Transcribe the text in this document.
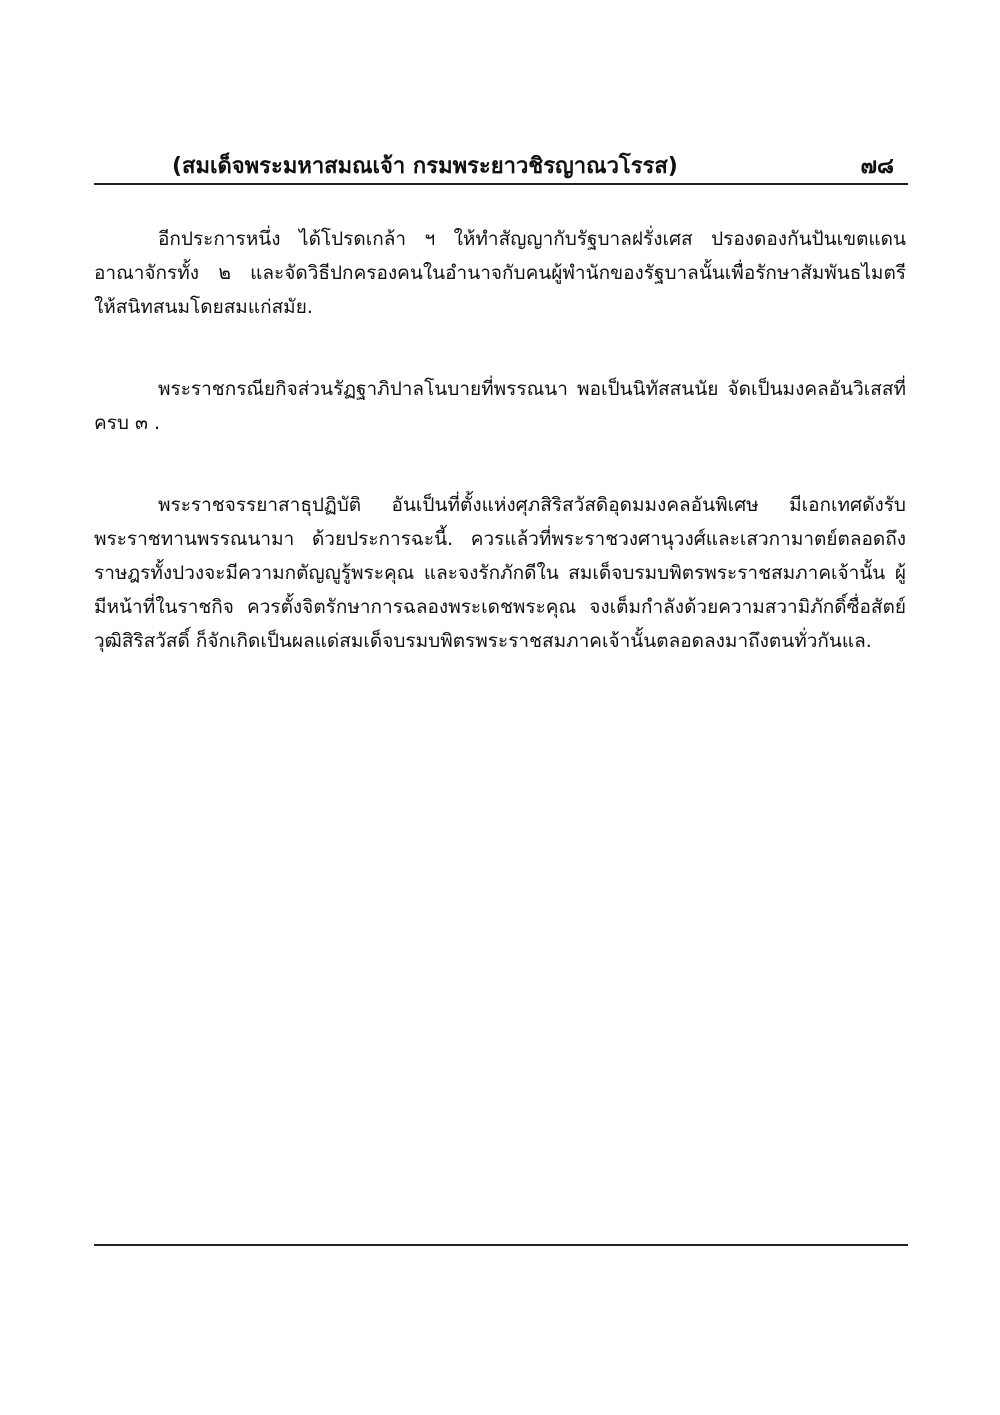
(สมเด็จพระมหาสมณเจ้า กรมพระยาวชิรญาณวโรรส)	๗๘

อีกประการหนึ่ง ได้โปรดเกล้า ฯ ให้ทำสัญญากับรัฐบาลฝรั่งเศส ปรองดองกันปันเขตแดนอาณาจักรทั้ง ๒ และจัดวิธีปกครองคนในอำนาจกับคนผู้พำนักของรัฐบาลนั้นเพื่อรักษาสัมพันธไมตรี ให้สนิทสนมโดยสมแก่สมัย.

พระราชกรณียกิจส่วนรัฏฐาภิปาลโนบายที่พรรณนา พอเป็นนิทัสสนนัย จัดเป็นมงคลอันวิเสสที่ครบ ๓ .

พระราชจรรยาสาธุปฏิบัติ อันเป็นที่ตั้งแห่งศุภสิริสวัสดิอุดมมงคลอันพิเศษ มีเอกเทศดังรับพระราชทานพรรณนามา ด้วยประการฉะนี้. ควรแล้วที่พระราชวงศานุวงศ์และเสวกามาตย์ตลอดถึงราษฎรทั้งปวงจะมีความกตัญญูรู้พระคุณ และจงรักภักดีใน สมเด็จบรมบพิตรพระราชสมภาคเจ้านั้น ผู้มีหน้าที่ในราชกิจ ควรตั้งจิตรักษาการฉลองพระเดชพระคุณ จงเต็มกำลังด้วยความสวามิภักดิ์ซื่อสัตย์ วุฒิสิริสวัสดิ์ ก็จักเกิดเป็นผลแด่สมเด็จบรมบพิตรพระราชสมภาคเจ้านั้นตลอดลงมาถึงตนทั่วกันแล.
